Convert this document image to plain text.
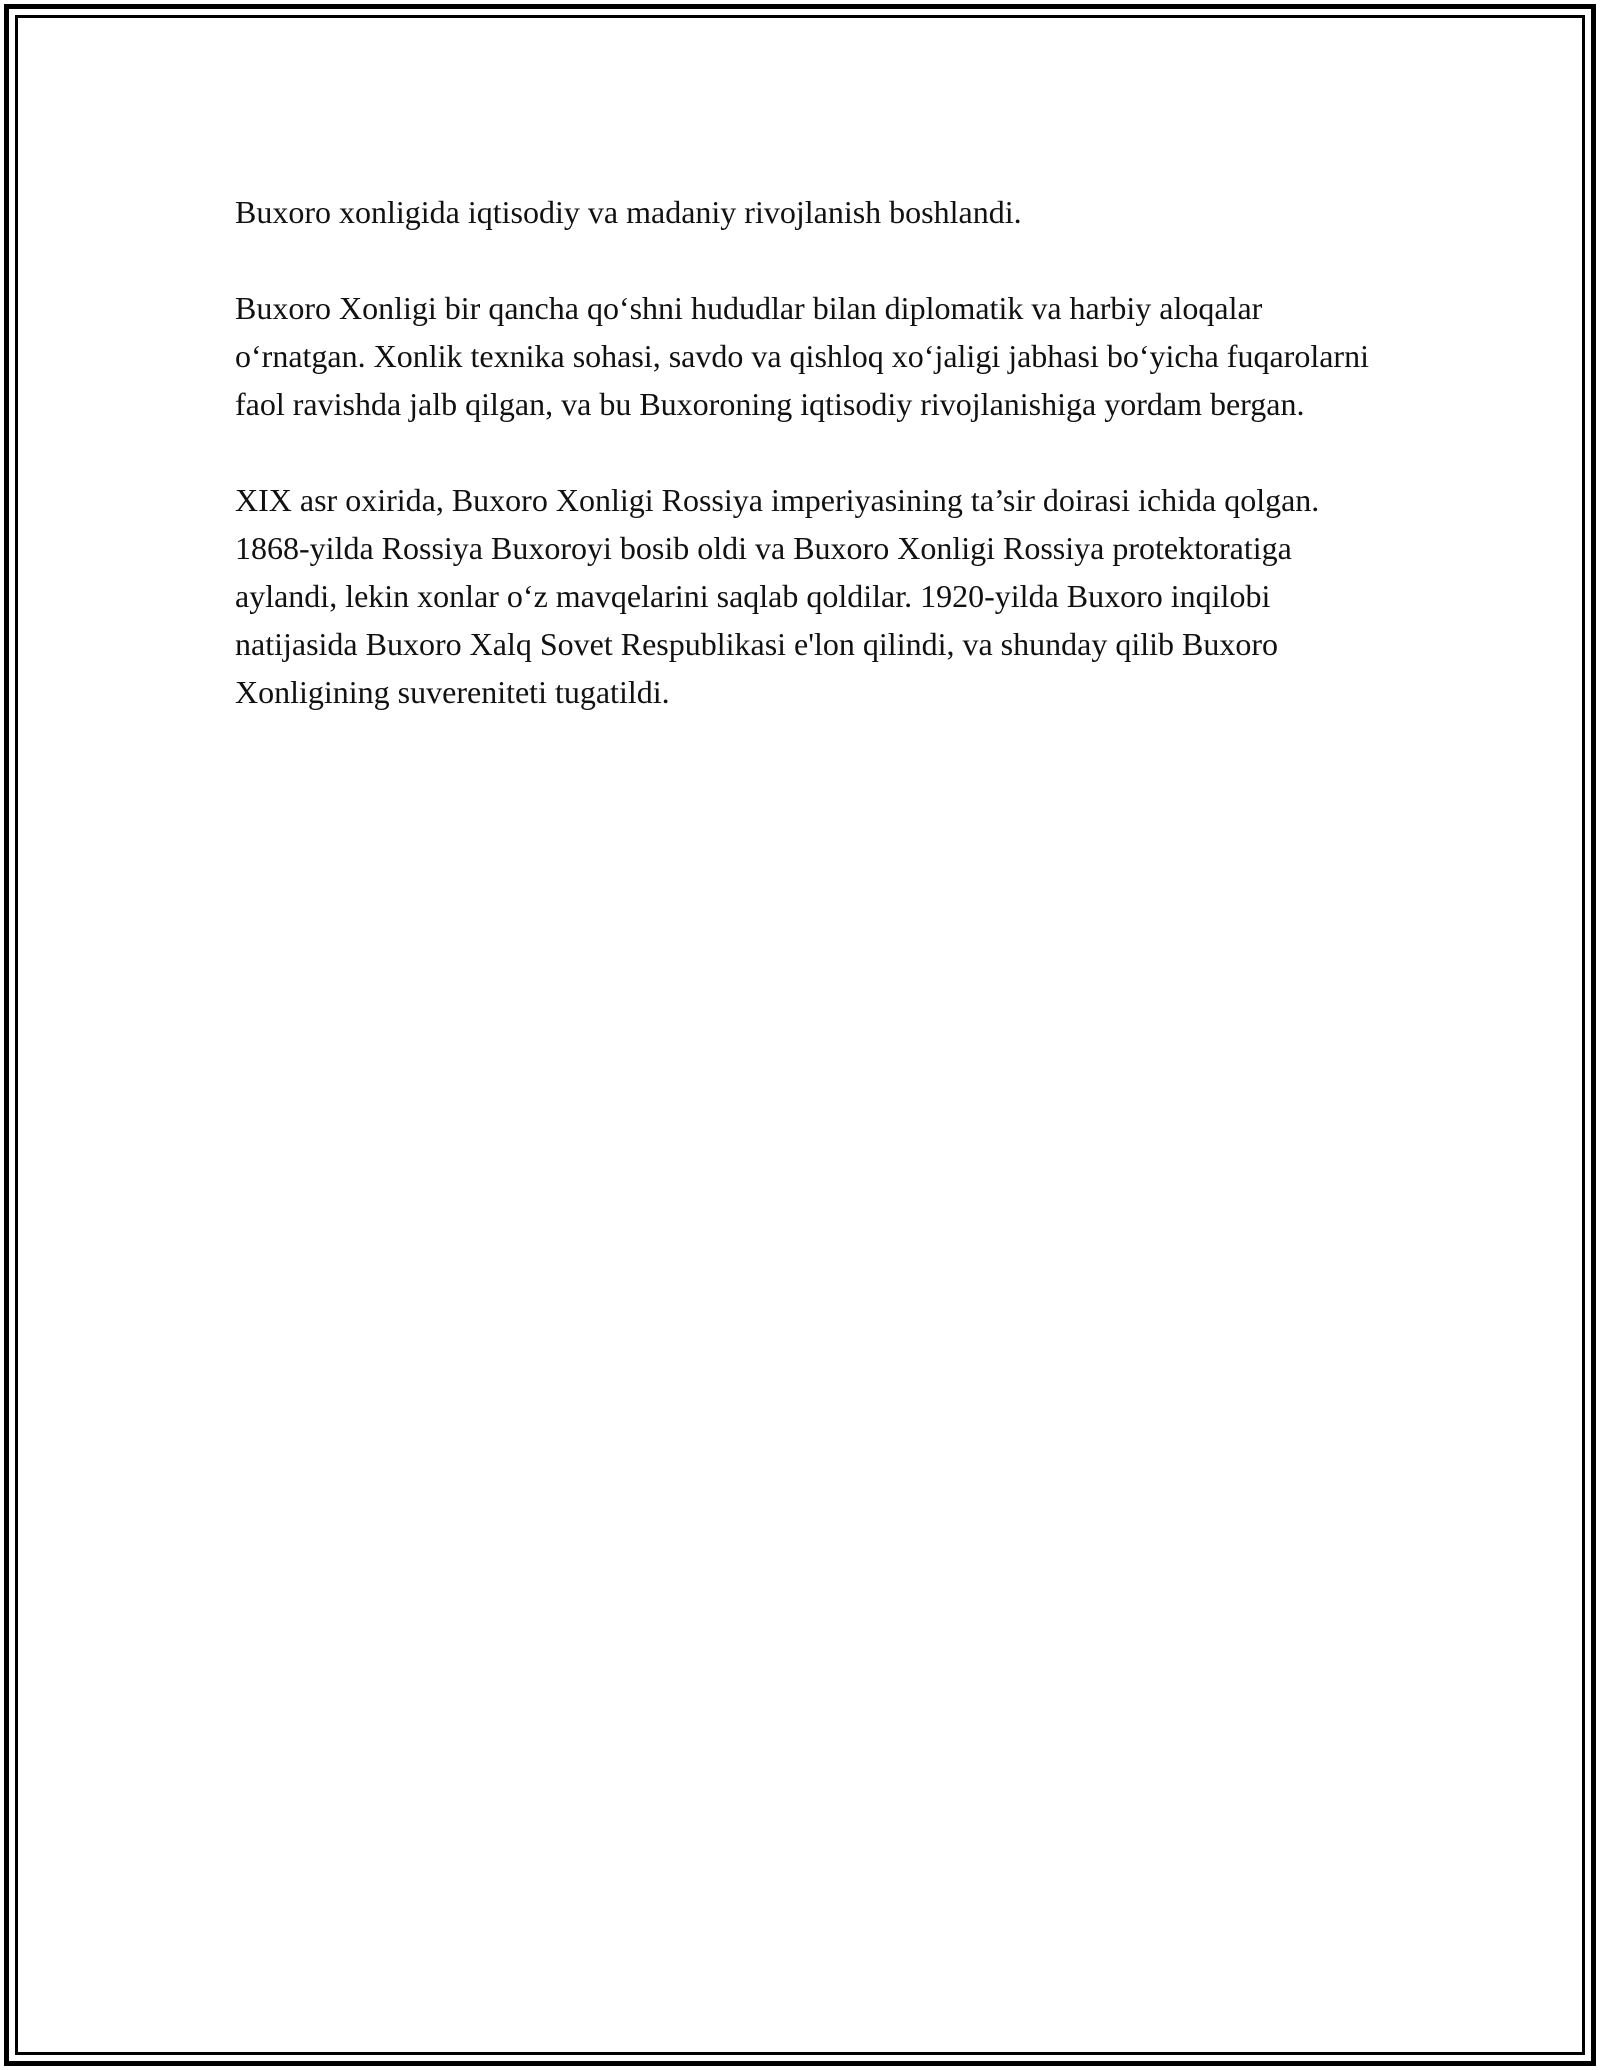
Buxoro xonligida iqtisodiy va madaniy rivojlanish boshlandi.

Buxoro Xonligi bir qancha qo‘shni hududlar bilan diplomatik va harbiy aloqalar o‘rnatgan. Xonlik texnika sohasi, savdo va qishloq xo‘jaligi jabhasi bo‘yicha fuqarolarni faol ravishda jalb qilgan, va bu Buxoroning iqtisodiy rivojlanishiga yordam bergan.

XIX asr oxirida, Buxoro Xonligi Rossiya imperiyasining ta’sir doirasi ichida qolgan. 1868-yilda Rossiya Buxoroyi bosib oldi va Buxoro Xonligi Rossiya protektoratiga aylandi, lekin xonlar o‘z mavqelarini saqlab qoldilar. 1920-yilda Buxoro inqilobi natijasida Buxoro Xalq Sovet Respublikasi e'lon qilindi, va shunday qilib Buxoro Xonligining suvereniteti tugatildi.
